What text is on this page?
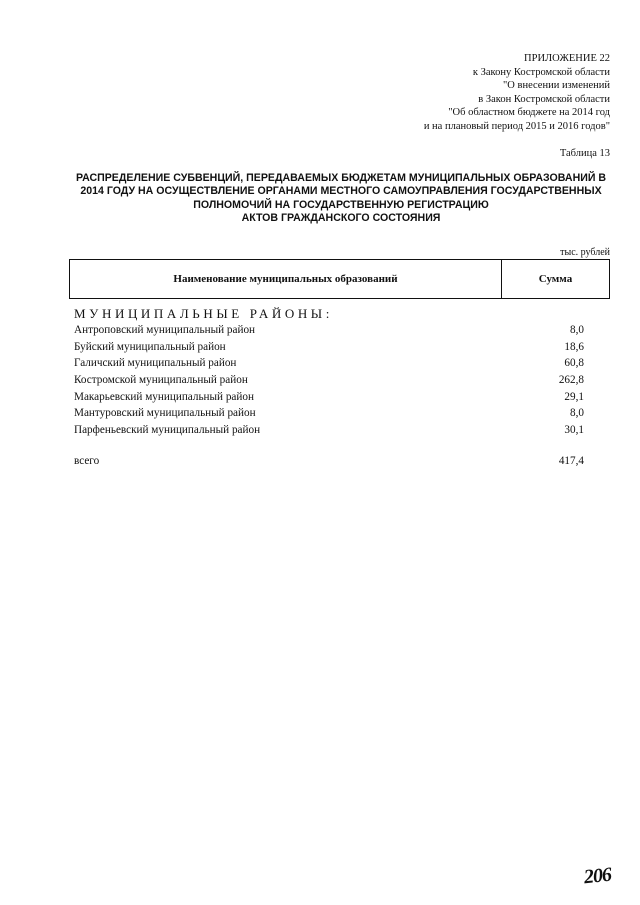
ПРИЛОЖЕНИЕ 22
к Закону Костромской области
"О внесении изменений
в Закон Костромской области
"Об областном бюджете на 2014 год
и на плановый период 2015 и 2016 годов"
Таблица 13
РАСПРЕДЕЛЕНИЕ СУБВЕНЦИЙ, ПЕРЕДАВАЕМЫХ БЮДЖЕТАМ МУНИЦИПАЛЬНЫХ ОБРАЗОВАНИЙ В
2014 ГОДУ НА ОСУЩЕСТВЛЕНИЕ ОРГАНАМИ МЕСТНОГО САМОУПРАВЛЕНИЯ ГОСУДАРСТВЕННЫХ
ПОЛНОМОЧИЙ НА ГОСУДАРСТВЕННУЮ РЕГИСТРАЦИЮ
АКТОВ ГРАЖДАНСКОГО СОСТОЯНИЯ
тыс. рублей
Наименование муниципальных образований	Сумма
МУНИЦИПАЛЬНЫЕ РАЙОНЫ:
Антроповский муниципальный район	8,0
Буйский муниципальный район	18,6
Галичский муниципальный район	60,8
Костромской муниципальный район	262,8
Макарьевский муниципальный район	29,1
Мантуровский муниципальный район	8,0
Парфеньевский муниципальный район	30,1
всего	417,4
206
